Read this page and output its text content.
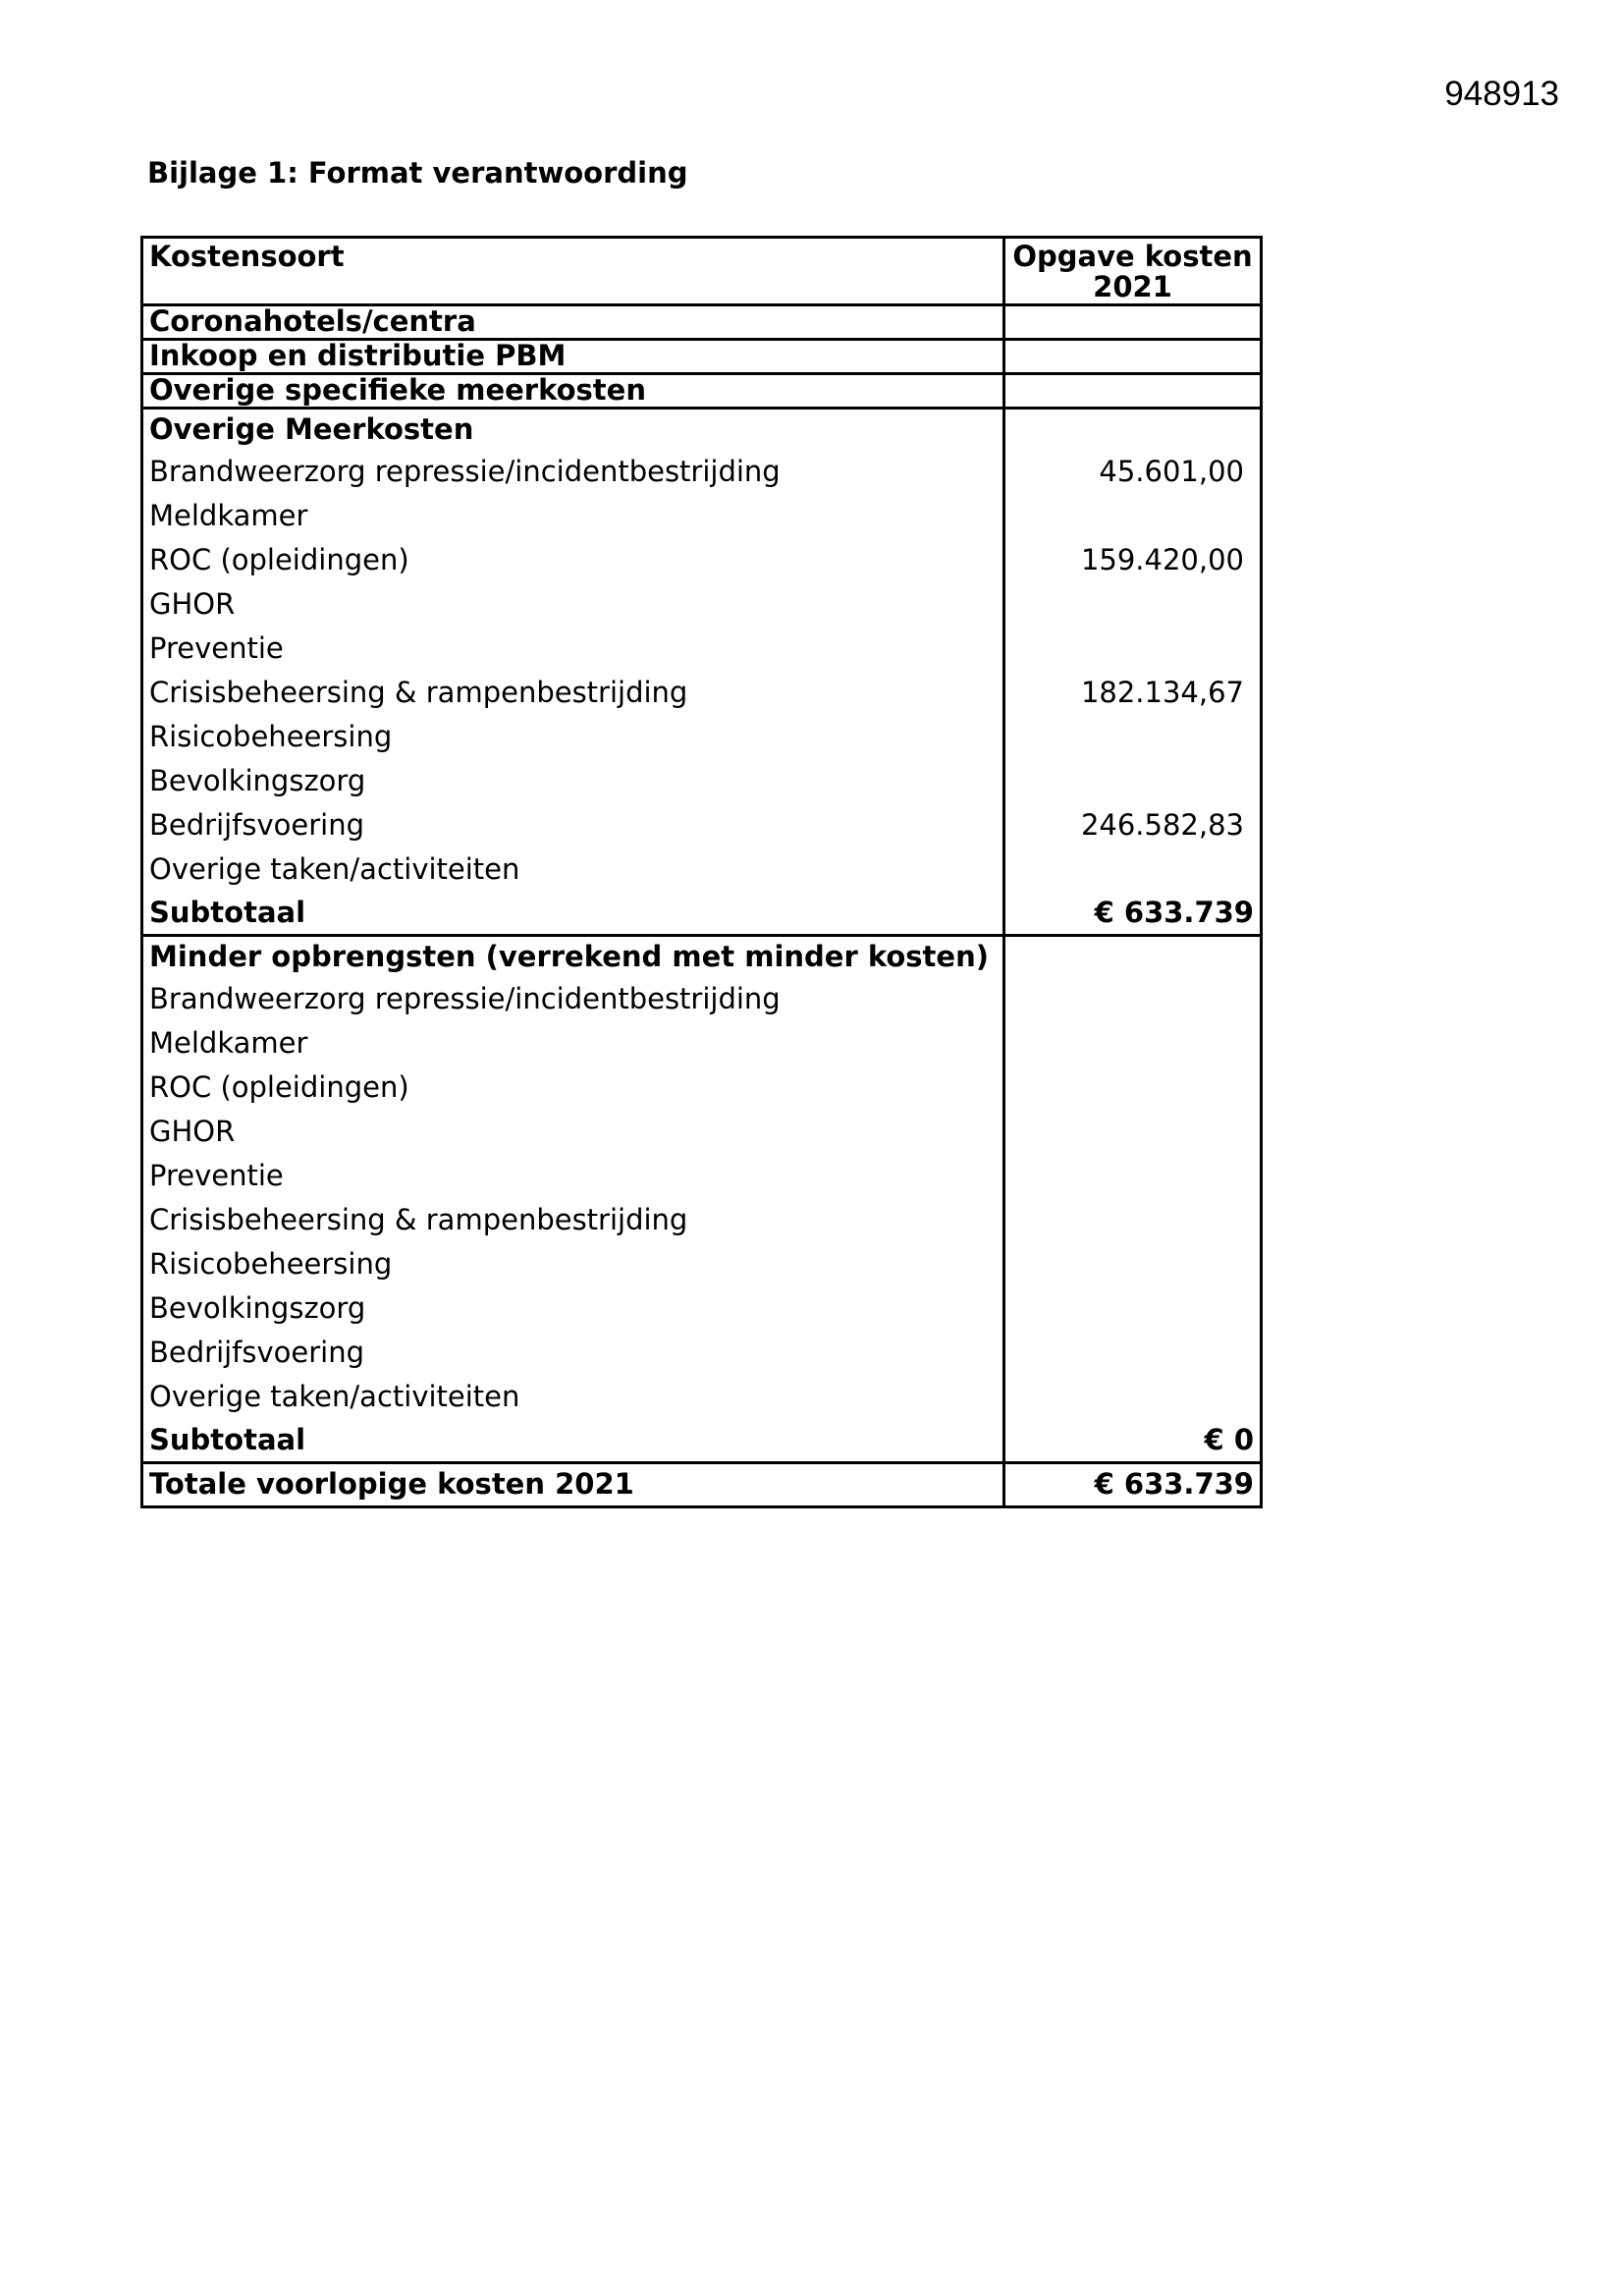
948913
Bijlage 1: Format verantwoording
Kostensoort	Opgave kosten 2021
Coronahotels/centra	
Inkoop en distributie PBM	
Overige specifieke meerkosten	
Overige Meerkosten	
Brandweerzorg repressie/incidentbestrijding	45.601,00
Meldkamer	
ROC (opleidingen)	159.420,00
GHOR	
Preventie	
Crisisbeheersing & rampenbestrijding	182.134,67
Risicobeheersing	
Bevolkingszorg	
Bedrijfsvoering	246.582,83
Overige taken/activiteiten	
Subtotaal	€ 633.739
Minder opbrengsten (verrekend met minder kosten)	
Brandweerzorg repressie/incidentbestrijding	
Meldkamer	
ROC (opleidingen)	
GHOR	
Preventie	
Crisisbeheersing & rampenbestrijding	
Risicobeheersing	
Bevolkingszorg	
Bedrijfsvoering	
Overige taken/activiteiten	
Subtotaal	€ 0
Totale voorlopige kosten 2021	€ 633.739
